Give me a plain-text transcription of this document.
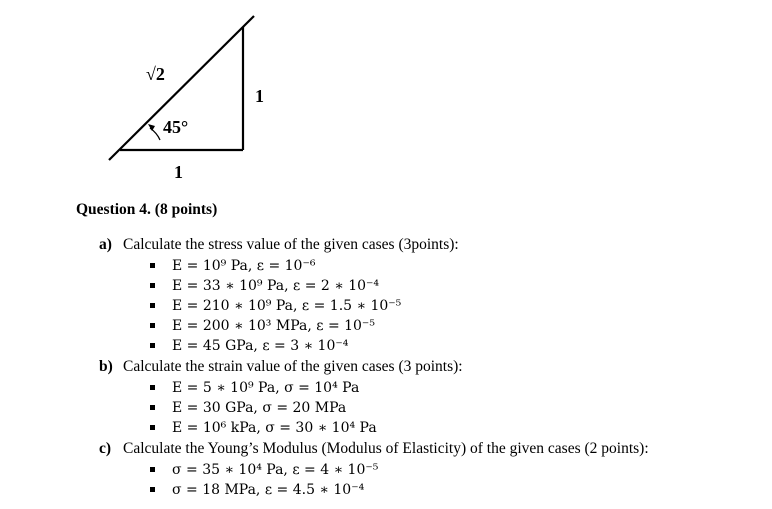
√2
1
45°
1
Question 4. (8 points)
a) Calculate the stress value of the given cases (3points):
E = 10⁹ Pa, ε = 10⁻⁶
E = 33 ∗ 10⁹ Pa, ε = 2 ∗ 10⁻⁴
E = 210 ∗ 10⁹ Pa, ε = 1.5 ∗ 10⁻⁵
E = 200 ∗ 10³ MPa, ε = 10⁻⁵
E = 45 GPa, ε = 3 ∗ 10⁻⁴
b) Calculate the strain value of the given cases (3 points):
E = 5 ∗ 10⁹ Pa, σ = 10⁴ Pa
E = 30 GPa, σ = 20 MPa
E = 10⁶ kPa, σ = 30 ∗ 10⁴ Pa
c) Calculate the Young’s Modulus (Modulus of Elasticity) of the given cases (2 points):
σ = 35 ∗ 10⁴ Pa, ε = 4 ∗ 10⁻⁵
σ = 18 MPa, ε = 4.5 ∗ 10⁻⁴
